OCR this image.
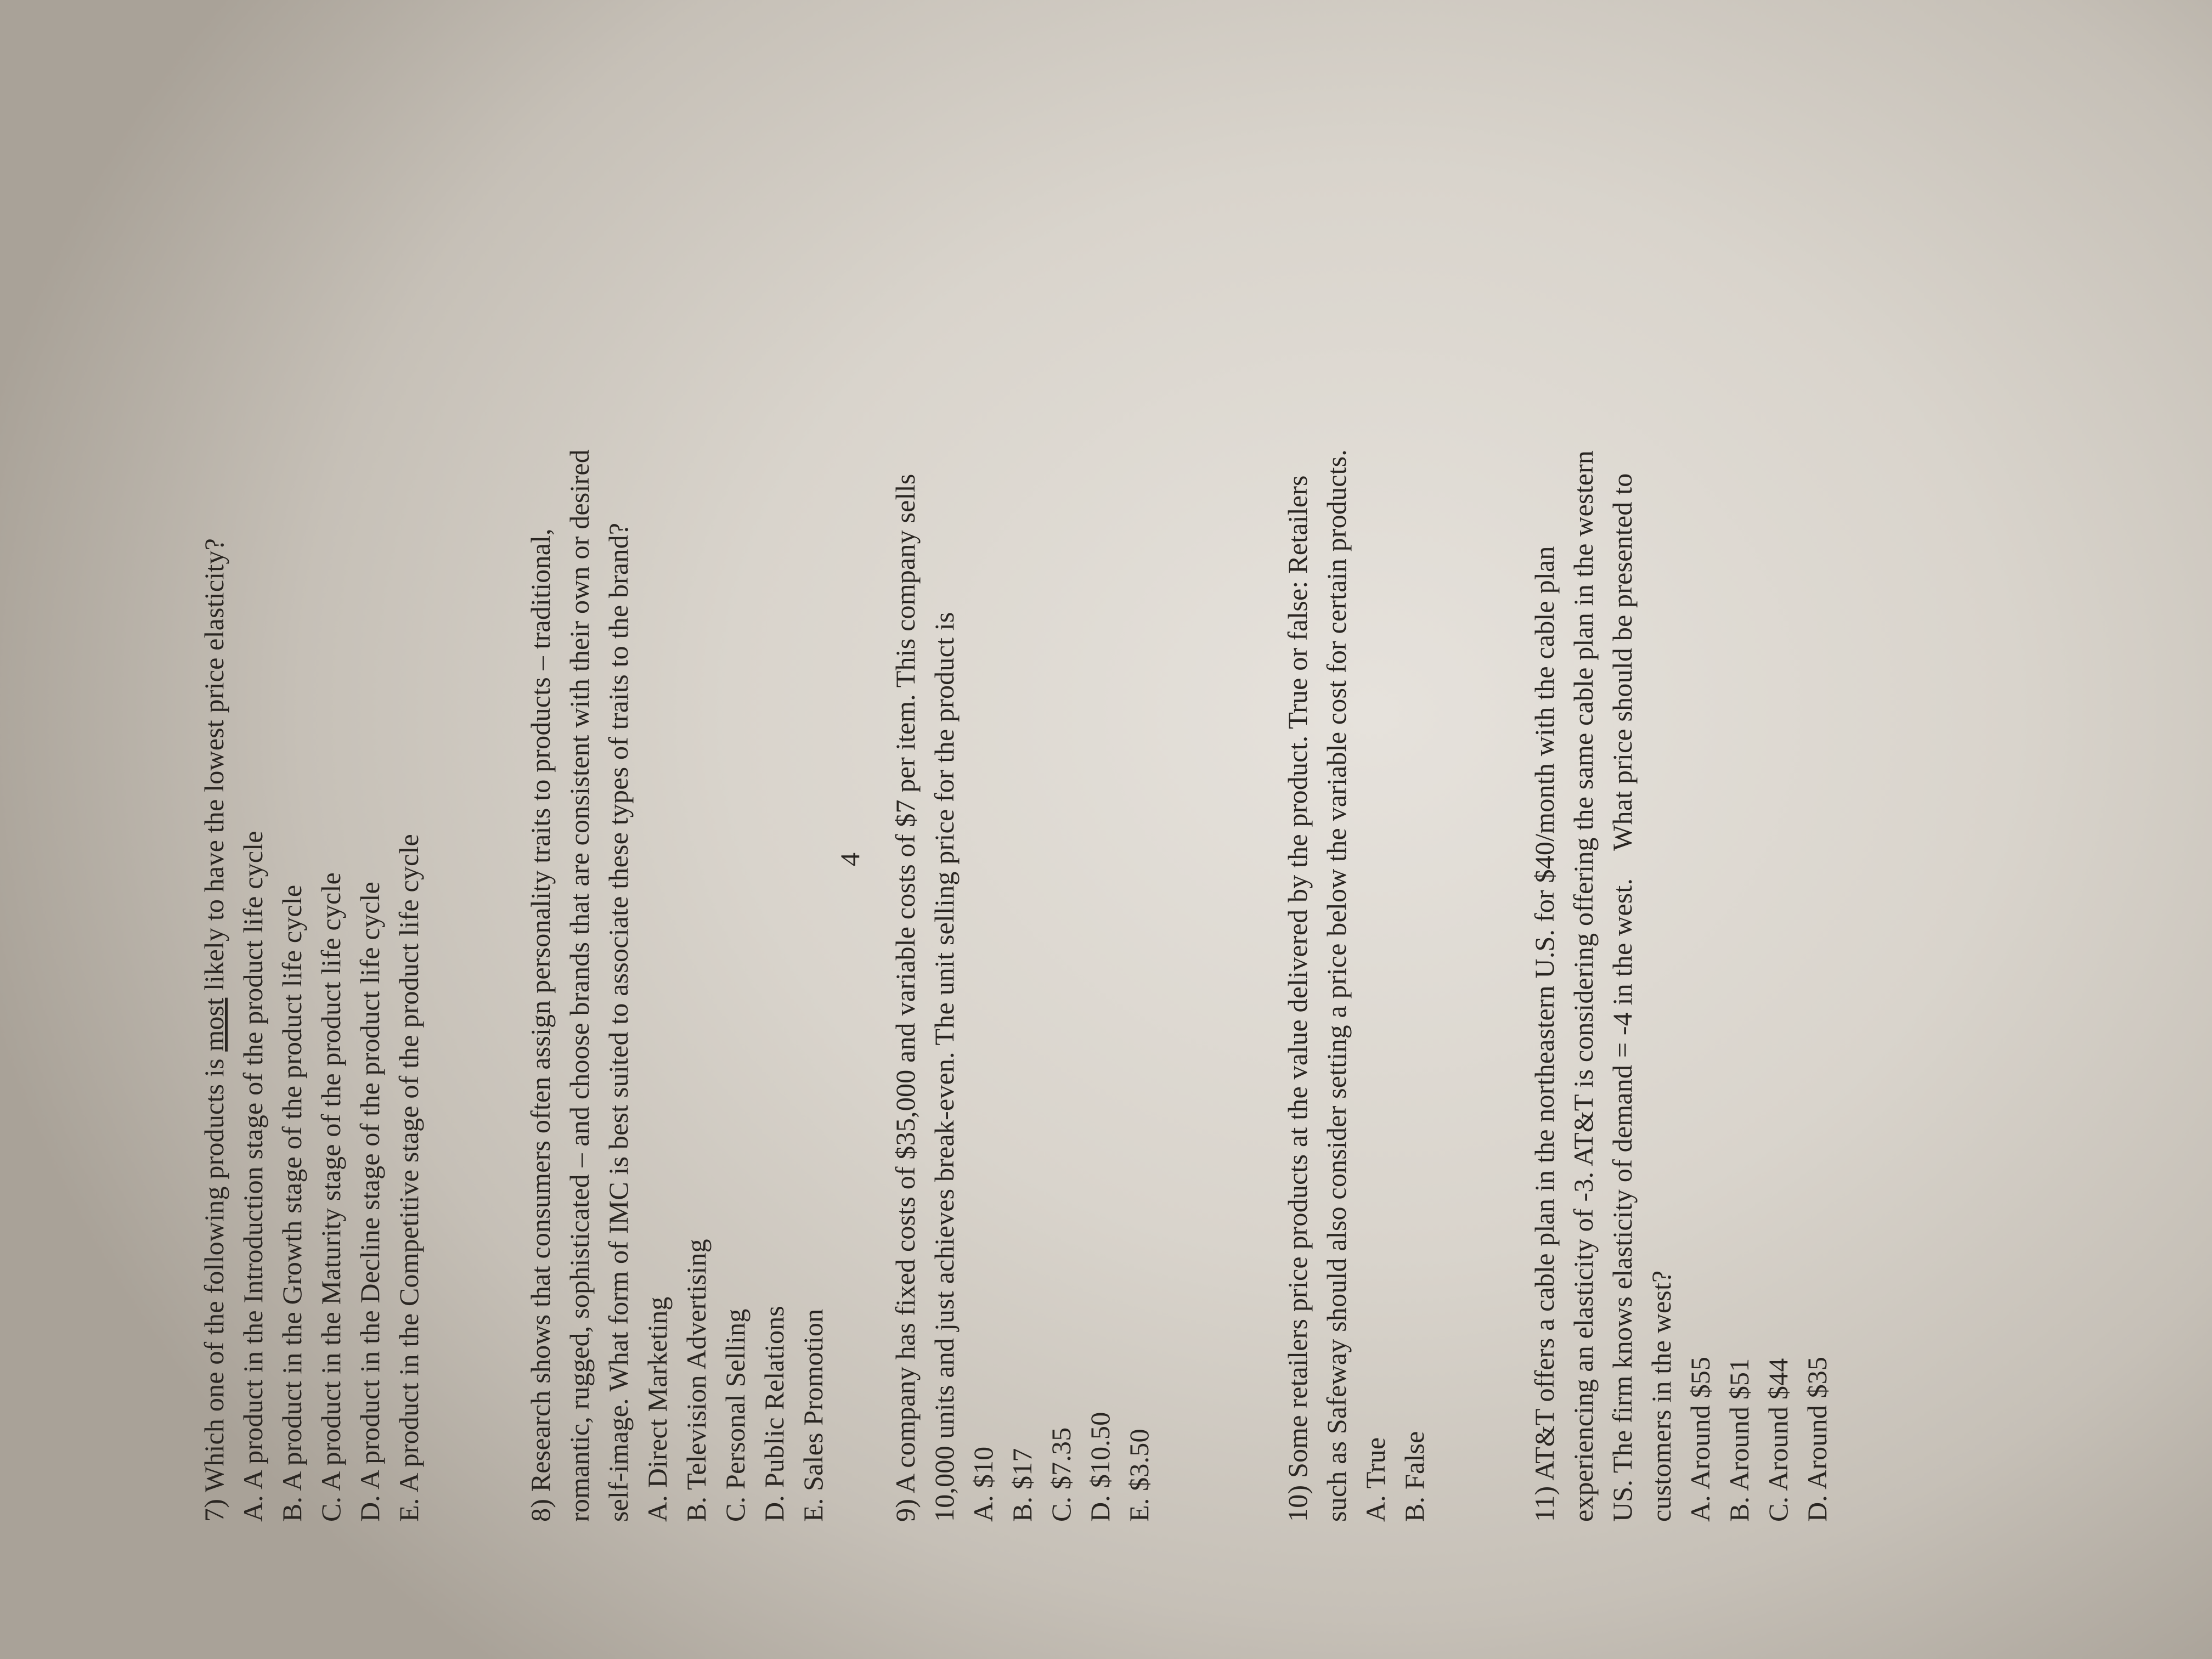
7) Which one of the following products is most likely to have the lowest price elasticity?

A. A product in the Introduction stage of the product life cycle B. A product in the Growth stage of the product life cycle C. A product in the Maturity stage of the product life cycle D. A product in the Decline stage of the product life cycle E. A product in the Competitive stage of the product life cycle	8) Research shows that consumers often assign personality traits to products – traditional, romantic, rugged, sophisticated – and choose brands that are consistent with their own or desired self-image. What form of IMC is best suited to associate these types of traits to the brand? A. Direct Marketing B. Television Advertising C. Personal Selling D. Public Relations E. Sales Promotion 9) A company has fixed costs of $35,000 and variable costs of $7 per item. This company sells 10,000 units and just achieves break-even. The unit selling price for the product is A. $10 B. $17 C. $7.35 D. $10.50 E. $3.50	10) Some retailers price products at the value delivered by the product. True or false: Retailers such as Safeway should also consider setting a price below the variable cost for certain products. A. True B. False	11) AT&T offers a cable plan in the northeastern U.S. for $40/month with the cable plan experiencing an elasticity of -3. AT&T is considering offering the same cable plan in the western US. The firm knows elasticity of demand = -4 in the west.    What price should be presented to customers in the west? A. Around $55 B. Around $51 C. Around $44 D. Around $35
4
